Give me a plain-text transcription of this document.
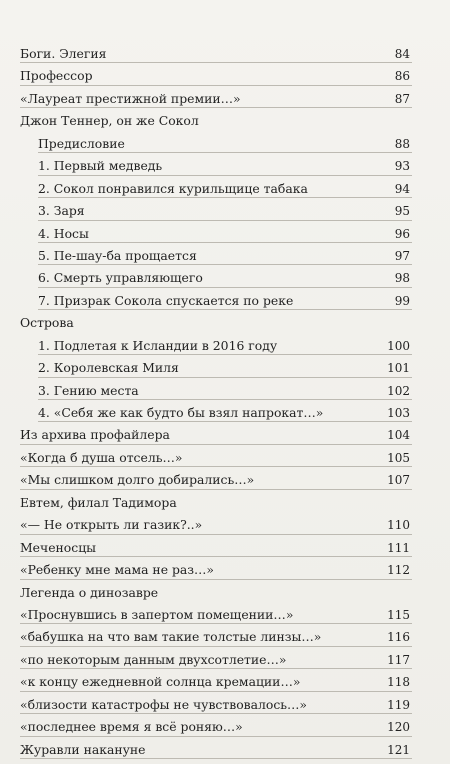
Боги. Элегия	84
Профессор	86
«Лауреат престижной премии…»	87
Джон Теннер, он же Сокол
Предисловие	88
1. Первый медведь	93
2. Сокол понравился курильщице табака	94
3. Заря	95
4. Носы	96
5. Пе-шау-ба прощается	97
6. Смерть управляющего	98
7. Призрак Сокола спускается по реке	99
Острова
1. Подлетая к Исландии в 2016 году	100
2. Королевская Миля	101
3. Гению места	102
4. «Себя же как будто бы взял напрокат…»	103
Из архива профайлера	104
«Когда б душа отсель…»	105
«Мы слишком долго добирались…»	107
Евтем, филал Тадимора
«— Не открыть ли газик?..»	110
Меченосцы	111
«Ребенку мне мама не раз…»	112
Легенда о динозавре
«Проснувшись в запертом помещении…»	115
«бабушка на что вам такие толстые линзы…»	116
«по некоторым данным двухсотлетие…»	117
«к концу ежедневной солнца кремации…»	118
«близости катастрофы не чувствовалось…»	119
«последнее время я всё роняю…»	120
Журавли накануне	121
